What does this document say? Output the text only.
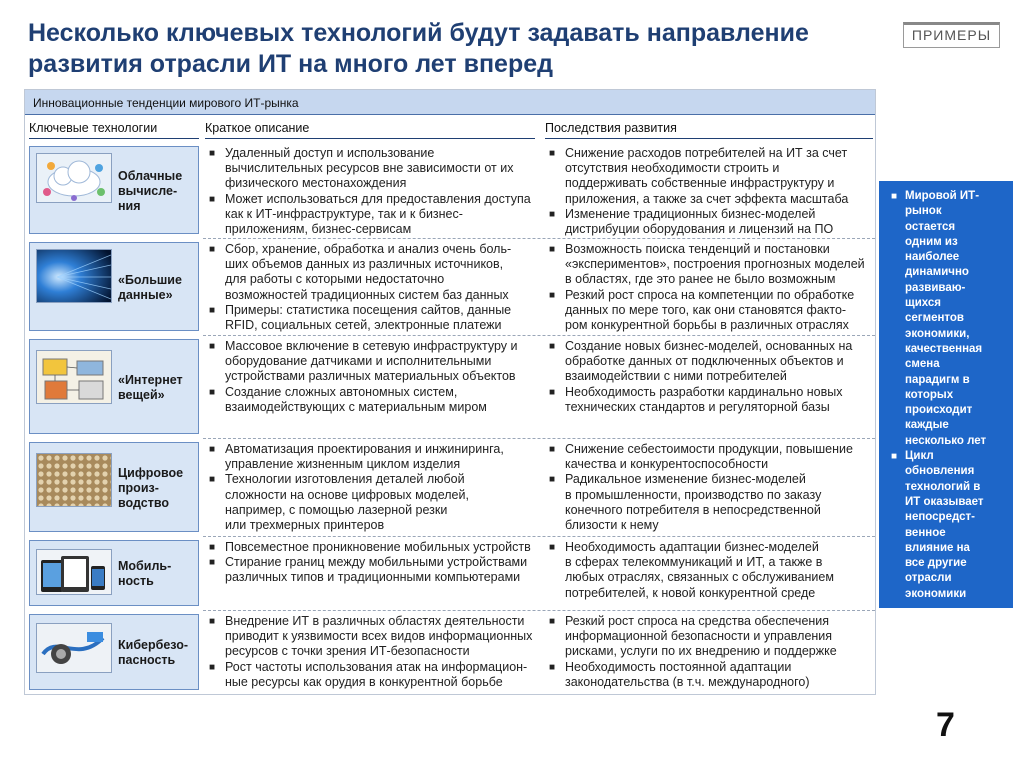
Несколько ключевых технологий будут задавать направление
развития отрасли ИТ на много лет вперед
ПРИМЕРЫ
Инновационные тенденции мирового ИТ-рынка
Ключевые технологии	Краткое описание	Последствия развития
Облачные
вычисле-
ния
■ Удаленный доступ и использование
вычислительных ресурсов вне зависимости от их
физического местонахождения
■ Может использоваться для предоставления доступа
как к ИТ-инфраструктуре, так и к бизнес-
приложениям, бизнес-сервисам
■ Снижение расходов потребителей на ИТ за счет
отсутствия необходимости строить и
поддерживать собственные инфраструктуру и
приложения, а также за счет эффекта масштаба
■ Изменение традиционных бизнес-моделей
дистрибуции оборудования и лицензий на ПО
«Большие
данные»
■ Сбор, хранение, обработка и анализ очень боль-
ших объемов данных из различных источников,
для работы с которыми недостаточно
возможностей традиционных систем баз данных
■ Примеры: статистика посещения сайтов, данные
RFID, социальных сетей, электронные платежи
■ Возможность поиска тенденций и постановки
«экспериментов», построения прогнозных моделей
в областях, где это ранее не было возможным
■ Резкий рост спроса на компетенции по обработке
данных по мере того, как они становятся факто-
ром конкурентной борьбы в различных отраслях
«Интернет
вещей»
■ Массовое включение в сетевую инфраструктуру и
оборудование датчиками и исполнительными
устройствами различных материальных объектов
■ Создание сложных автономных систем,
взаимодействующих с материальным миром
■ Создание новых бизнес-моделей, основанных на
обработке данных от подключенных объектов и
взаимодействии с ними потребителей
■ Необходимость разработки кардинально новых
технических стандартов и регуляторной базы
Цифровое
произ-
водство
■ Автоматизация проектирования и инжиниринга,
управление жизненным циклом изделия
■ Технологии изготовления деталей любой
сложности на основе цифровых моделей,
например, с помощью лазерной резки
или трехмерных принтеров
■ Снижение себестоимости продукции, повышение
качества и конкурентоспособности
■ Радикальное изменение бизнес-моделей
в промышленности, производство по заказу
конечного потребителя в непосредственной
близости к нему
Мобиль-
ность
■ Повсеместное проникновение мобильных устройств
■ Стирание границ между мобильными устройствами
различных типов и традиционными компьютерами
■ Необходимость адаптации бизнес-моделей
в сферах телекоммуникаций и ИТ, а также в
любых отраслях, связанных с обслуживанием
потребителей, к новой конкурентной среде
Кибербезо-
пасность
■ Внедрение ИТ в различных областях деятельности
приводит к уязвимости всех видов информационных
ресурсов с точки зрения ИТ-безопасности
■ Рост частоты использования атак на информацион-
ные ресурсы как орудия в конкурентной борьбе
■ Резкий рост спроса на средства обеспечения
информационной безопасности и управления
рисками, услуги по их внедрению и поддержке
■ Необходимость постоянной адаптации
законодательства (в т.ч. международного)
■ Мировой ИТ-
рынок
остается
одним из
наиболее
динамично
развиваю-
щихся
сегментов
экономики,
качественная
смена
парадигм в
которых
происходит
каждые
несколько лет
■ Цикл
обновления
технологий в
ИТ оказывает
непосредст-
венное
влияние на
все другие
отрасли
экономики
7
